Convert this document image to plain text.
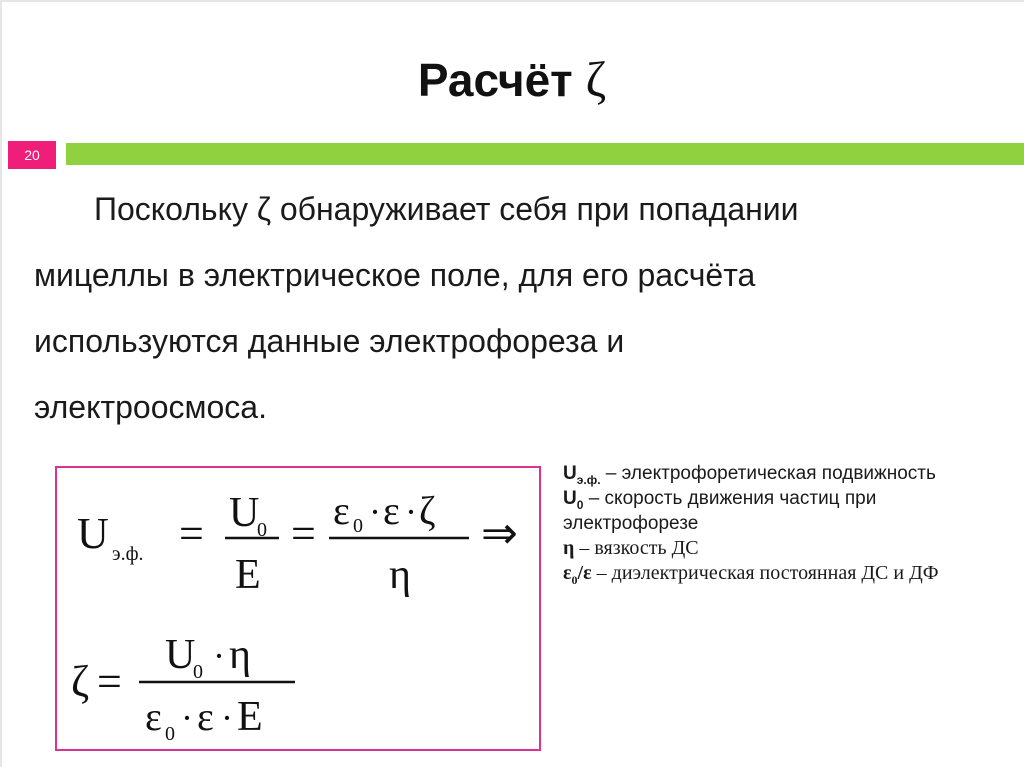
Расчёт ζ
20
Поскольку ζ обнаруживает себя при попадании
мицеллы в электрическое поле, для его расчёта
используются данные электрофореза и
электроосмоса.
U э.ф. = U
0
E
= ε 0 · ε · ζ
η
⇒
ζ =
U
0 · η
ε 0 · ε · E
$U_{э.ф.}$ – электрофоретическая подвижность
$U_0$ – скорость движения частиц при электрофорезе
η – вязкость ДС
$\varepsilon_0/\varepsilon$ – диэлектрическая постоянная ДС и ДФ
